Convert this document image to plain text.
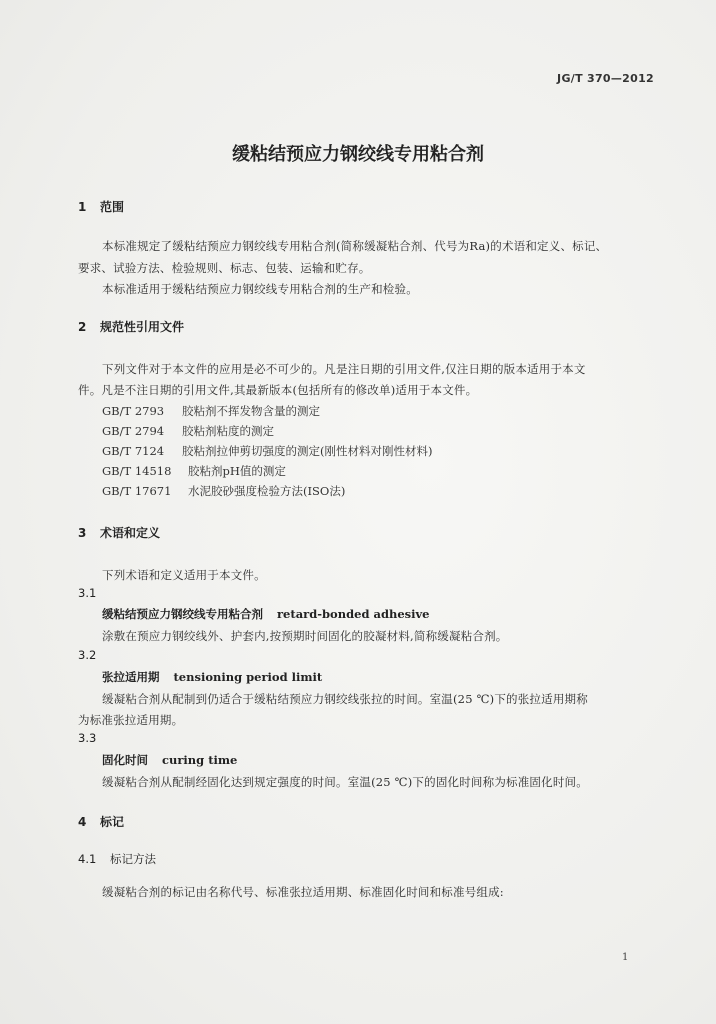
JG/T 370—2012
缓粘结预应力钢绞线专用粘合剂
1 范围
本标准规定了缓粘结预应力钢绞线专用粘合剂(简称缓凝粘合剂、代号为Ra)的术语和定义、标记、
要求、试验方法、检验规则、标志、包装、运输和贮存。
本标准适用于缓粘结预应力钢绞线专用粘合剂的生产和检验。
2 规范性引用文件
下列文件对于本文件的应用是必不可少的。凡是注日期的引用文件,仅注日期的版本适用于本文
件。凡是不注日期的引用文件,其最新版本(包括所有的修改单)适用于本文件。
GB/T 2793 胶粘剂不挥发物含量的测定
GB/T 2794 胶粘剂粘度的测定
GB/T 7124 胶粘剂拉伸剪切强度的测定(刚性材料对刚性材料)
GB/T 14518 胶粘剂pH值的测定
GB/T 17671 水泥胶砂强度检验方法(ISO法)
3 术语和定义
下列术语和定义适用于本文件。
3.1
缓粘结预应力钢绞线专用粘合剂 retard-bonded adhesive
涂敷在预应力钢绞线外、护套内,按预期时间固化的胶凝材料,简称缓凝粘合剂。
3.2
张拉适用期 tensioning period limit
缓凝粘合剂从配制到仍适合于缓粘结预应力钢绞线张拉的时间。室温(25 ℃)下的张拉适用期称
为标准张拉适用期。
3.3
固化时间 curing time
缓凝粘合剂从配制经固化达到规定强度的时间。室温(25 ℃)下的固化时间称为标准固化时间。
4 标记
4.1 标记方法
缓凝粘合剂的标记由名称代号、标准张拉适用期、标准固化时间和标准号组成:
1
